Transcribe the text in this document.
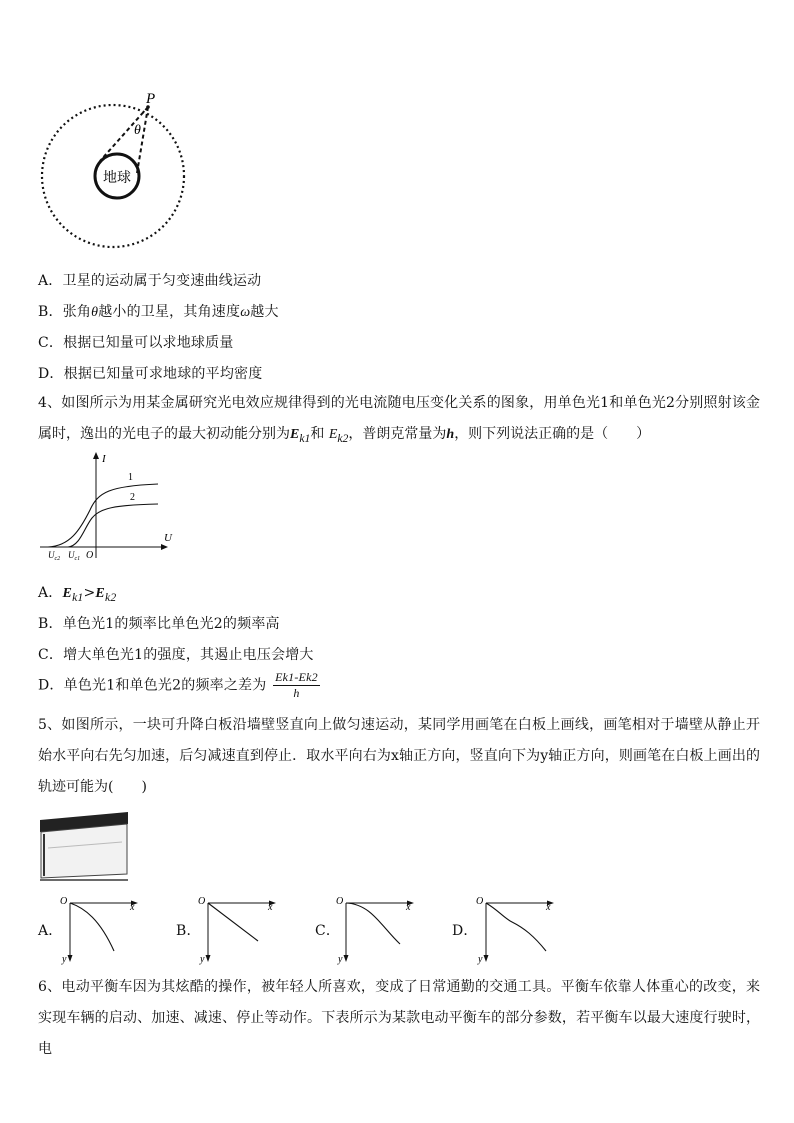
P
θ
地球
A．卫星的运动属于匀变速曲线运动
B．张角θ越小的卫星，其角速度ω越大
C．根据已知量可以求地球质量
D．根据已知量可求地球的平均密度
4、如图所示为用某金属研究光电效应规律得到的光电流随电压变化关系的图象，用单色光1和单色光2分别照射该金属时，逸出的光电子的最大初动能分别为$E_{k1}$和 $E_{k2}$，普朗克常量为h，则下列说法正确的是（　　）
I
U
O
1
2
$U_{c2}$ $U_{c1}$
A．$E_{k1}>E_{k2}$
B．单色光1的频率比单色光2的频率高
C．增大单色光1的强度，其遏止电压会增大
D．单色光1和单色光2的频率之差为 $\frac{Ek1-Ek2}{h}$
5、如图所示，一块可升降白板沿墙壁竖直向上做匀速运动，某同学用画笔在白板上画线，画笔相对于墙壁从静止开始水平向右先匀加速，后匀减速直到停止．取水平向右为x轴正方向，竖直向下为y轴正方向，则画笔在白板上画出的轨迹可能为(　　)
A．
O
x
y
B．
O
x
y
C．
O
x
y
D．
O
x
y
6、电动平衡车因为其炫酷的操作，被年轻人所喜欢，变成了日常通勤的交通工具。平衡车依靠人体重心的改变，来实现车辆的启动、加速、减速、停止等动作。下表所示为某款电动平衡车的部分参数，若平衡车以最大速度行驶时，电
